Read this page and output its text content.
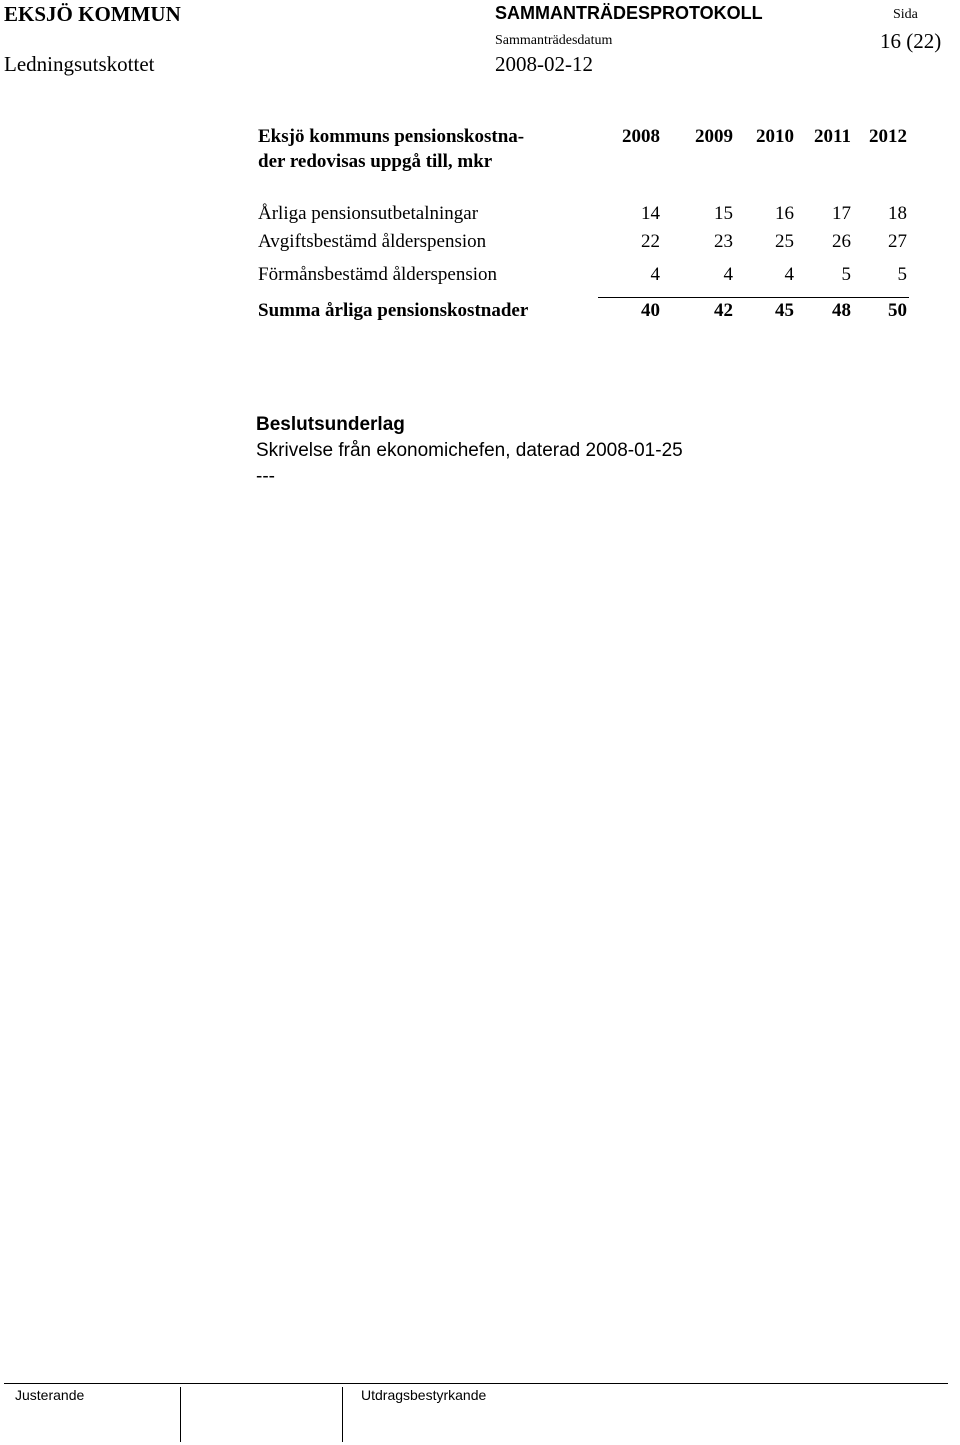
EKSJÖ KOMMUN	SAMMANTRÄDESPROTOKOLL	Sida
16 (22)
Ledningsutskottet
Sammanträdesdatum
2008-02-12
Eksjö kommuns pensionskostna-
der redovisas uppgå till, mkr
2008	2009	2010	2011 2012
Årliga pensionsutbetalningar	14	15	16	17	18
Avgiftsbestämd ålderspension	22	23	25	26	27
Förmånsbestämd ålderspension	4	4	4	5	5
Summa årliga pensionskostnader	40	42	45	48	50
Beslutsunderlag
Skrivelse från ekonomichefen, daterad 2008-01-25
---
Justerande	Utdragsbestyrkande
